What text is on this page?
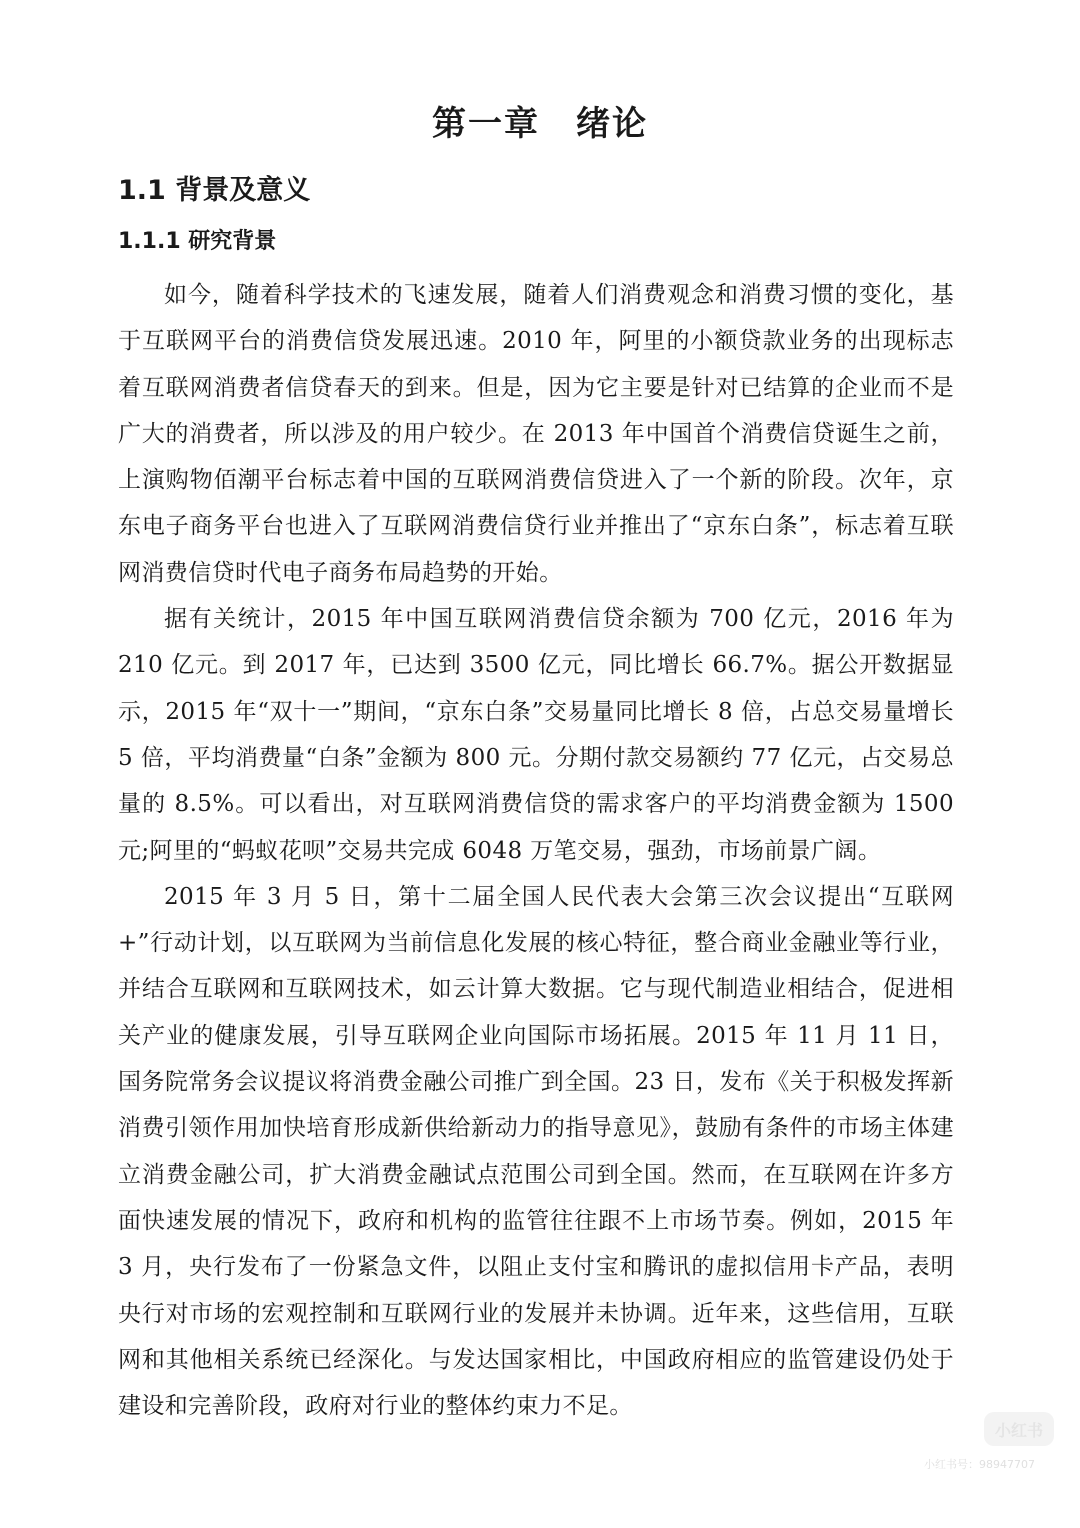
第一章　绪论
1.1 背景及意义
1.1.1 研究背景

如今，随着科学技术的飞速发展，随着人们消费观念和消费习惯的变化，基于互联网平台的消费信贷发展迅速。2010 年，阿里的小额贷款业务的出现标志着互联网消费者信贷春天的到来。但是，因为它主要是针对已结算的企业而不是广大的消费者，所以涉及的用户较少。在 2013 年中国首个消费信贷诞生之前，上演购物佰潮平台标志着中国的互联网消费信贷进入了一个新的阶段。次年，京东电子商务平台也进入了互联网消费信贷行业并推出了“京东白条”，标志着互联网消费信贷时代电子商务布局趋势的开始。

据有关统计，2015 年中国互联网消费信贷余额为 700 亿元，2016 年为 210 亿元。到 2017 年，已达到 3500 亿元，同比增长 66.7%。据公开数据显示，2015 年“双十一”期间，“京东白条”交易量同比增长 8 倍，占总交易量增长 5 倍，平均消费量“白条”金额为 800 元。分期付款交易额约 77 亿元，占交易总量的 8.5%。可以看出，对互联网消费信贷的需求客户的平均消费金额为 1500 元;阿里的“蚂蚁花呗”交易共完成 6048 万笔交易，强劲，市场前景广阔。

2015 年 3 月 5 日，第十二届全国人民代表大会第三次会议提出“互联网+”行动计划，以互联网为当前信息化发展的核心特征，整合商业金融业等行业，并结合互联网和互联网技术，如云计算大数据。它与现代制造业相结合，促进相关产业的健康发展，引导互联网企业向国际市场拓展。2015 年 11 月 11 日，国务院常务会议提议将消费金融公司推广到全国。23 日，发布《关于积极发挥新消费引领作用加快培育形成新供给新动力的指导意见》，鼓励有条件的市场主体建立消费金融公司，扩大消费金融试点范围公司到全国。然而，在互联网在许多方面快速发展的情况下，政府和机构的监管往往跟不上市场节奏。例如，2015 年 3 月，央行发布了一份紧急文件，以阻止支付宝和腾讯的虚拟信用卡产品，表明央行对市场的宏观控制和互联网行业的发展并未协调。近年来，这些信用，互联网和其他相关系统已经深化。与发达国家相比，中国政府相应的监管建设仍处于建设和完善阶段，政府对行业的整体约束力不足。

小红书
小红书号：98947707
